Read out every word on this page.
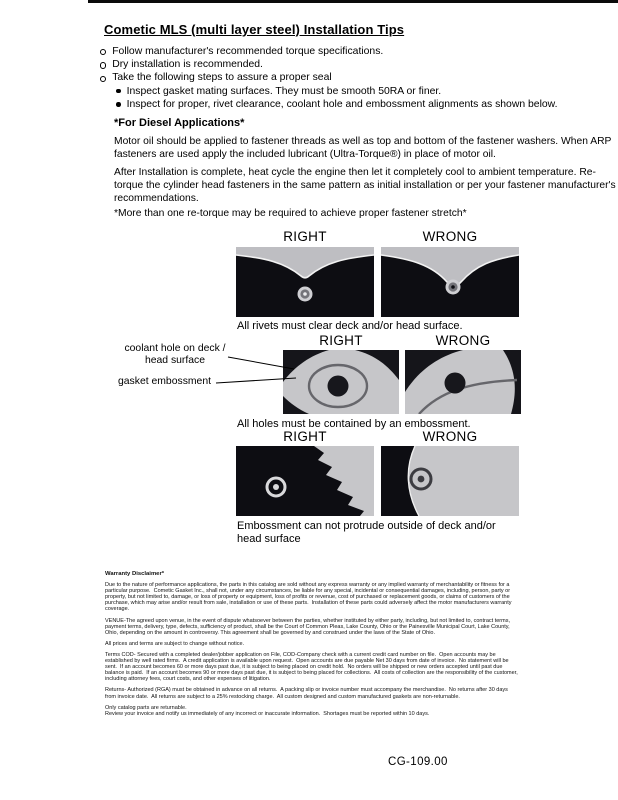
Cometic MLS (multi layer steel) Installation Tips
Follow manufacturer's recommended torque specifications.
Dry installation is recommended.
Take the following steps to assure a proper seal
Inspect gasket mating surfaces. They must be smooth 50RA or finer.
Inspect for proper, rivet clearance, coolant hole and embossment alignments as shown below.
*For Diesel Applications*

Motor oil should be applied to fastener threads as well as top and bottom of the fastener washers. When ARP fasteners are used apply the included lubricant (Ultra-Torque®) in place of motor oil.

After Installation is complete, heat cycle the engine then let it completely cool to ambient temperature. Re-torque the cylinder head fasteners in the same pattern as initial installation or per your fastener manufacturer's recommendations.

*More than one re-torque may be required to achieve proper fastener stretch*

RIGHT	WRONG
All rivets must clear deck and/or head surface.
RIGHT	WRONG
coolant hole on deck / head surface
gasket embossment
All holes must be contained by an embossment.
RIGHT	WRONG
Embossment can not protrude outside of deck and/or head surface

Warranty Disclaimer*

Due to the nature of performance applications, the parts in this catalog are sold without any express warranty or any implied warranty of merchantability or fitness for a particular purpose.  Cometic Gasket Inc., shall not, under any circumstances, be liable for any special, incidental or consequential damages, including, person, party or property, but not limited to, damage, or loss of property or equipment, loss of profits or revenue, cost of purchased or replacement goods, or claims of customers of the purchase, which may arise and/or result from sale, installation or use of these parts.  Installation of these parts could adversely affect the motor manufacturers warranty coverage.

VENUE-The agreed upon venue, in the event of dispute whatsoever between the parties, whether instituted by either party, including, but not limited to, contract terms, payment terms, delivery, type, defects, sufficiency of product, shall be the Court of Common Pleas, Lake County, Ohio or the Painesville Municipal Court, Lake County, Ohio, depending on the amount in controversy. This agreement shall be governed by and construed under the laws of the State of Ohio.

All prices and terms are subject to change without notice.

Terms COD- Secured with a completed dealer/jobber application on File, COD-Company check with a current credit card number on file.  Open accounts may be established by well rated firms.  A credit application is available upon request.  Open accounts are due payable Net 30 days from date of invoice.  No statement will be sent.  If an account becomes 60 or more days past due, it is subject to being placed on credit hold.  No orders will be shipped or new orders accepted until past due balance is paid.  If an account becomes 90 or more days past due, it is subject to being placed for collections.  All costs of collection are the responsibility of the customer, including attorney fees, court costs, and other expenses of litigation.

Returns- Authorized (RGA) must be obtained in advance on all returns.  A packing slip or invoice number must accompany the merchandise.  No returns after 30 days from invoice date.  All returns are subject to a 25% restocking charge.  All custom designed and custom manufactured gaskets are non-returnable.

Only catalog parts are returnable.

Review your invoice and notify us immediately of any incorrect or inaccurate information.  Shortages must be reported within 10 days.

CG-109.00
